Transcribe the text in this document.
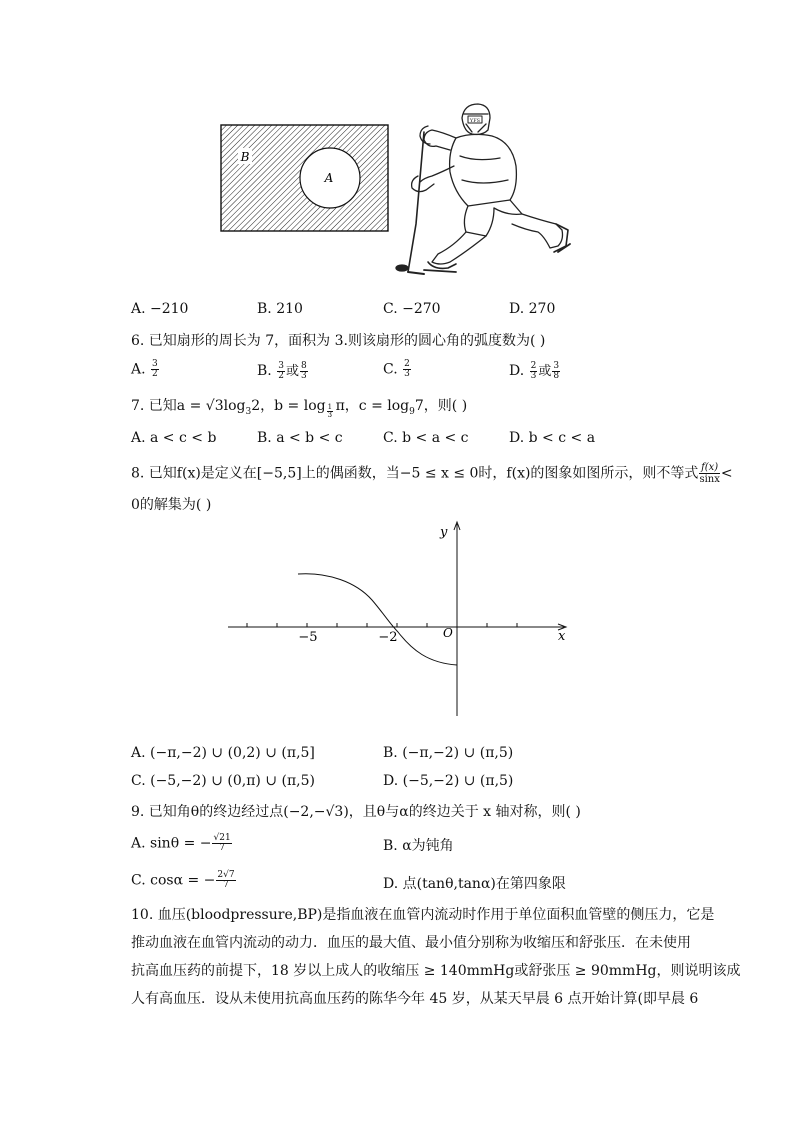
B
A
YFS
A. −210	B. 210	C. −270	D. 270
6. 已知扇形的周长为 7，面积为 3.则该扇形的圆心角的弧度数为( )
A. $\frac{3}{2}$	B. $\frac{3}{2}$ 或 $\frac{8}{3}$	C. $\frac{2}{3}$	D. $\frac{2}{3}$ 或 $\frac{3}{8}$
7. 已知$a = √3\log_32$，$b = \log \frac{1}{3}$ π，$c = \log_97$，则( )
A. a < c < b	B. a < b < c	C. b < a < c	D. b < c < a
8. 已知f(x)是定义在[−5,5]上的偶函数，当−5 ≤ x ≤ 0时，f(x)的图象如图所示，则不等式 $\frac{f(x)}{\sin x}$ <
0的解集为( )
y
x
O
−5	−2
A. (−π,−2) ∪ (0,2) ∪ (π,5]	B. (−π,−2) ∪ (π,5)
C. (−5,−2) ∪ (0,π) ∪ (π,5)	D. (−5,−2) ∪ (π,5)
9. 已知角θ的终边经过点(−2,−√3)，且θ与α的终边关于 x 轴对称，则( )
A. sinθ = − $\frac{√21}{7}$	B. α为钝角
C. cosα = − $\frac{2√7}{7}$	D. 点(tanθ,tanα)在第四象限
10. 血压(bloodpressure,BP)是指血液在血管内流动时作用于单位面积血管壁的侧压力，它是
推动血液在血管内流动的动力．血压的最大值、最小值分别称为收缩压和舒张压．在未使用
抗高血压药的前提下，18 岁以上成人的收缩压 ≥ 140mmHg或舒张压 ≥ 90mmHg，则说明该成
人有高血压．设从未使用抗高血压药的陈华今年 45 岁，从某天早晨 6 点开始计算(即早晨 6
